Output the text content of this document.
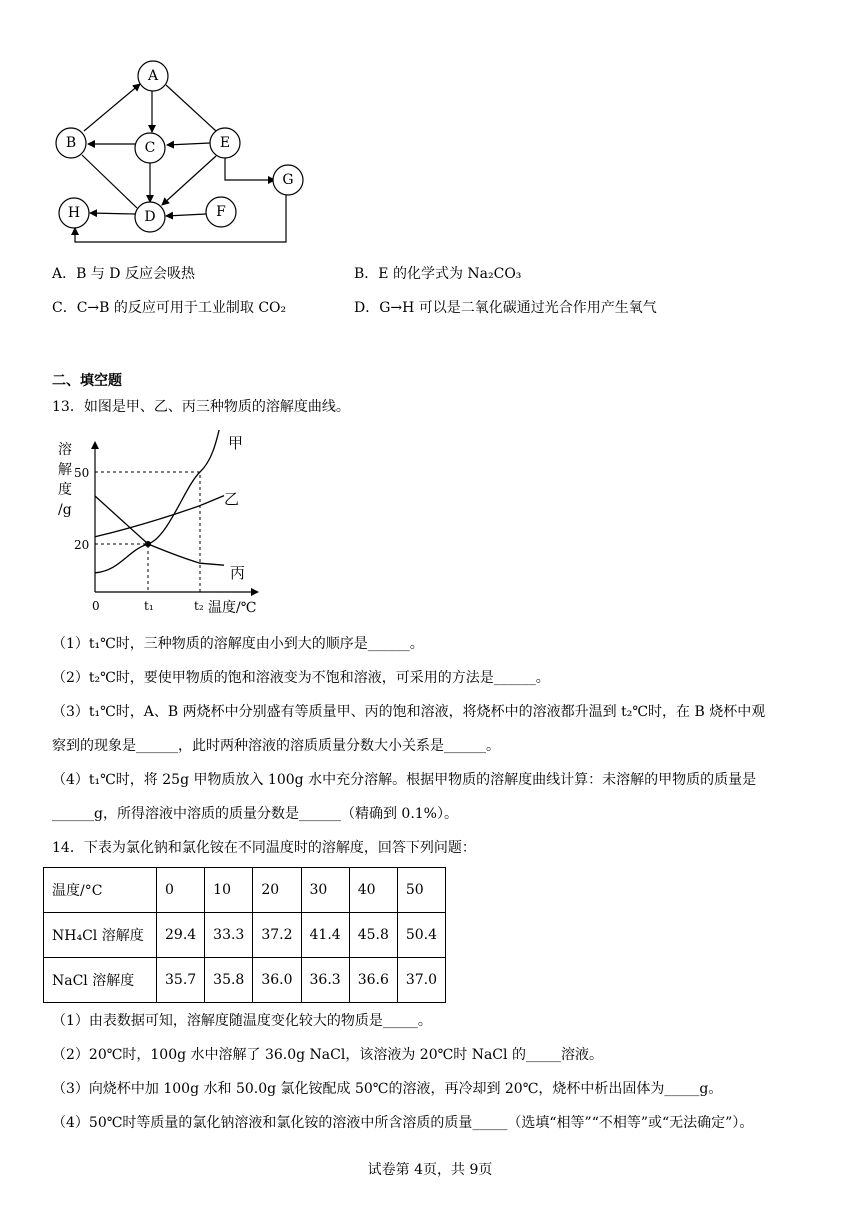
A
B	C
D
E
F
G
H
A．B 与 D 反应会吸热	B．E 的化学式为 Na₂CO₃
C．C→B 的反应可用于工业制取 CO₂	D．G→H 可以是二氧化碳通过光合作用产生氧气
二、填空题
13．如图是甲、乙、丙三种物质的溶解度曲线。
溶
解
度
/g
50
20
0	t₁	t₂ 温度/℃
甲
乙
丙
（1）t₁℃时，三种物质的溶解度由小到大的顺序是______。
（2）t₂℃时，要使甲物质的饱和溶液变为不饱和溶液，可采用的方法是______。
（3）t₁℃时，A、B 两烧杯中分别盛有等质量甲、丙的饱和溶液，将烧杯中的溶液都升温到 t₂℃时，在 B 烧杯中观
察到的现象是______，此时两种溶液的溶质质量分数大小关系是______。
（4）t₁℃时，将 25g 甲物质放入 100g 水中充分溶解。根据甲物质的溶解度曲线计算：未溶解的甲物质的质量是
______g，所得溶液中溶质的质量分数是______（精确到 0.1%）。
14．下表为氯化钠和氯化铵在不同温度时的溶解度，回答下列问题：
温度/°C	0	10	20	30	40	50
NH₄Cl 溶解度	29.4	33.3	37.2	41.4	45.8	50.4
NaCl 溶解度	35.7	35.8	36.0	36.3	36.6	37.0
（1）由表数据可知，溶解度随温度变化较大的物质是_____。
（2）20℃时，100g 水中溶解了 36.0g NaCl，该溶液为 20℃时 NaCl 的_____溶液。
（3）向烧杯中加 100g 水和 50.0g 氯化铵配成 50℃的溶液，再冷却到 20℃，烧杯中析出固体为_____g。
（4）50℃时等质量的氯化钠溶液和氯化铵的溶液中所含溶质的质量_____（选填“相等”“不相等”或“无法确定”）。
试卷第 4页，共 9页
